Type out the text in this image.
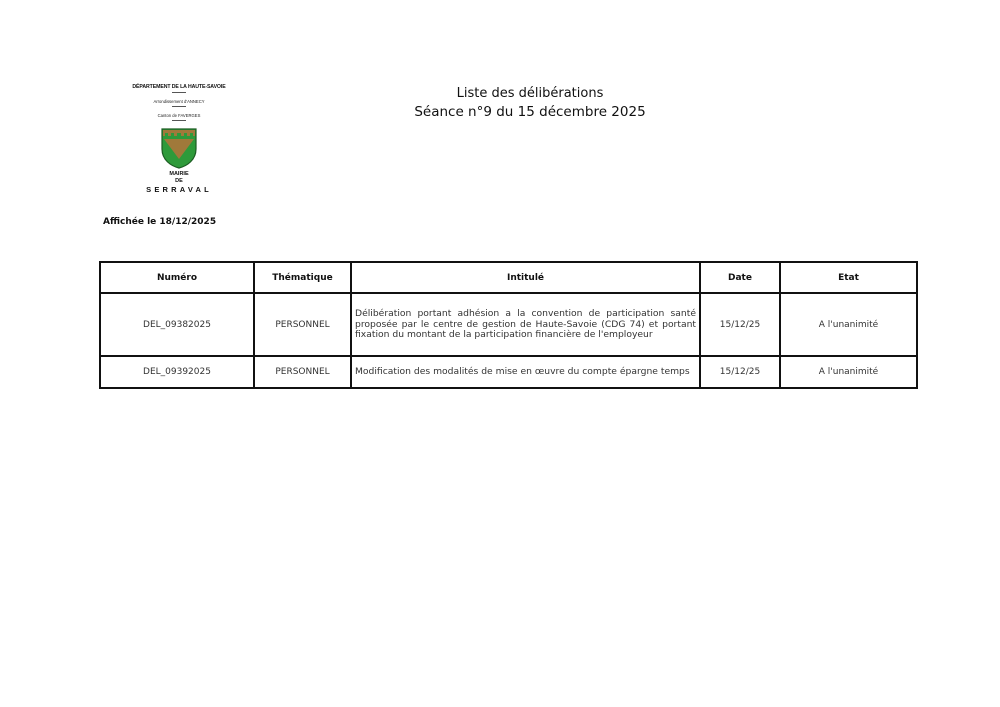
DÉPARTEMENT DE LA HAUTE-SAVOIE
Arrondissement d'ANNECY
Canton de FAVERGES
MAIRIE
DE
SERRAVAL
Liste des délibérations
Séance n°9 du 15 décembre 2025
Affichée le 18/12/2025
Numéro	Thématique	Intitulé	Date	Etat
DEL_09382025	PERSONNEL	Délibération portant adhésion a la convention de participation santé proposée par le centre de gestion de Haute-Savoie (CDG 74) et portant fixation du montant de la participation financière de l'employeur	15/12/25	A l'unanimité
DEL_09392025	PERSONNEL	Modification des modalités de mise en œuvre du compte épargne temps	15/12/25	A l'unanimité
